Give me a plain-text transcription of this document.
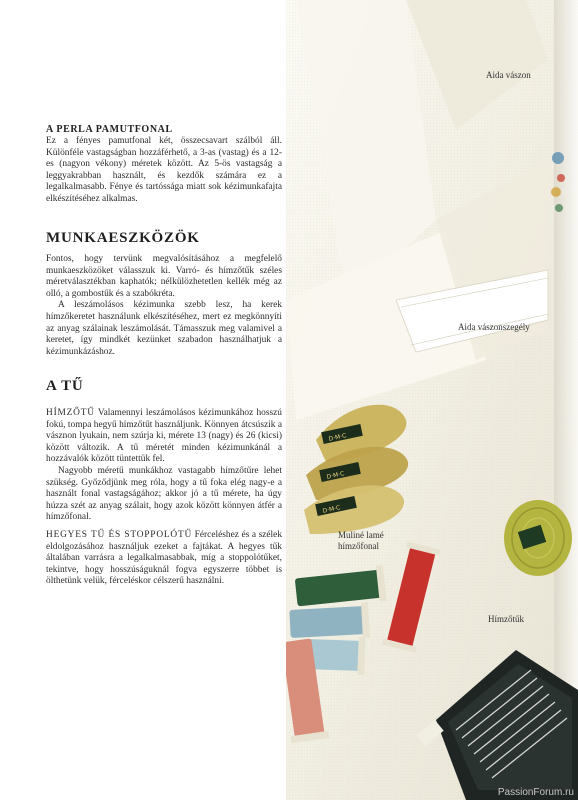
A PERLA PAMUTFONAL

Ez a fényes pamutfonal két, összecsavart szálból áll. Különféle vastagságban hozzáférhető, a 3-as (vastag) és a 12-es (nagyon vékony) méretek között. Az 5-ös vastagság a leggyakrabban használt, és kezdők számára ez a legalkalmasabb. Fénye és tartóssága miatt sok kézimunkafajta elkészítéséhez alkalmas.

MUNKAESZKÖZÖK

Fontos, hogy tervünk megvalósításához a megfelelő munkaeszközöket válasszuk ki. Varró- és hímzőtűk széles méretválasztékban kaphatók; nélkülözhetetlen kellék még az olló, a gombostűk és a szabókréta.

A leszámolásos kézimunka szebb lesz, ha kerek hímzőkeretet használunk elkészítéséhez, mert ez megkönnyíti az anyag szálainak leszámolását. Támasszuk meg valamivel a keretet, így mindkét kezünket szabadon használhatjuk a kézimunkázáshoz.

A TŰ

HÍMZŐTŰ Valamennyi leszámolásos kézimunkához hosszú fokú, tompa hegyű hímzőtűt használjunk. Könnyen átcsúszik a vásznon lyukain, nem szúrja ki, mérete 13 (nagy) és 26 (kicsi) között változik. A tű méretét minden kézimunkánál a hozzávalók között tüntettük fel.

Nagyobb méretű munkákhoz vastagabb hímzőtűre lehet szükség. Győződjünk meg róla, hogy a tű foka elég nagy-e a használt fonal vastagságához; akkor jó a tű mérete, ha úgy húzza szét az anyag szálait, hogy azok között könnyen átfér a hímzőfonal.

HEGYES TŰ ÉS STOPPOLÓTŰ Férceléshez és a szélek eldolgozásához használjuk ezeket a fajtákat. A hegyes tűk általában varrásra a legalkalmasabbak, míg a stoppolótűket, tekintve, hogy hosszúságuknál fogva egyszerre többet is ölthetünk velük, férceléskor célszerű használni.

D·M·C
D·M·C
D·M·C
Aida vászon
Aida vászonszegély
Muliné lamé
hímzőfonal
Hímzőtűk
PassionForum.ru
